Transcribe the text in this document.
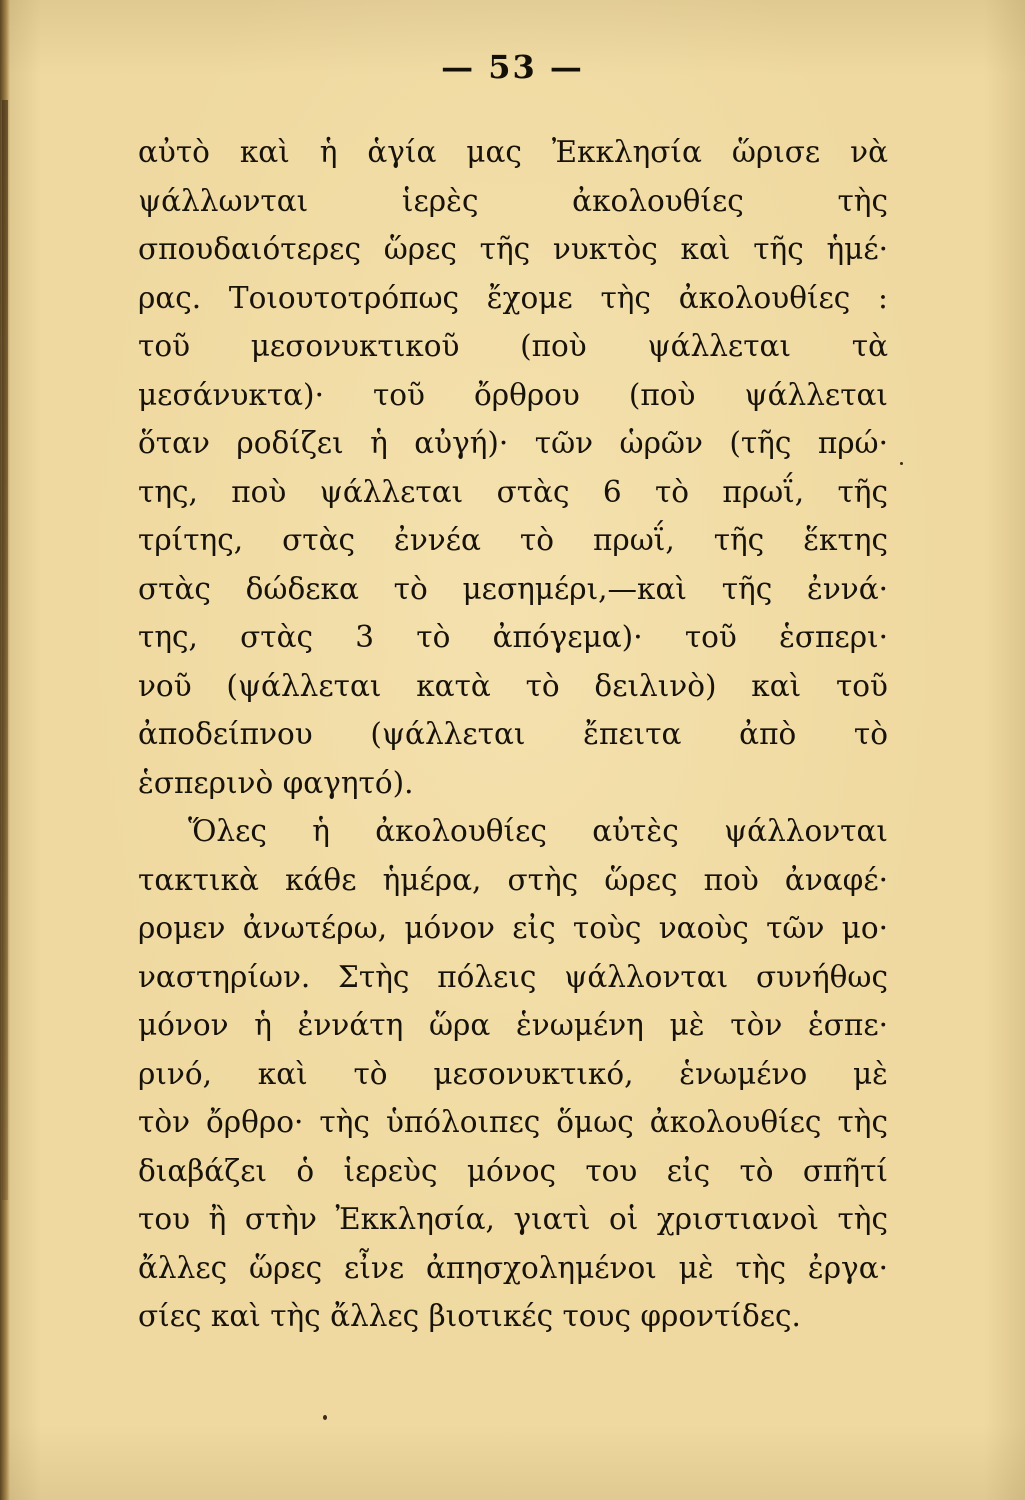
— 53 —
αὐτὸ καὶ ἡ ἁγία μας Ἐκκλησία ὥρισε νὰ
ψάλλωνται ἱερὲς ἀκολουθίες τὴς
σπουδαιότερες ὥρες τῆς νυκτὸς καὶ τῆς ἡμέ·
ρας. Τοιουτοτρόπως ἔχομε τὴς ἀκολουθίες :
τοῦ μεσονυκτικοῦ (ποὺ ψάλλεται τὰ
μεσάνυκτα)· τοῦ ὄρθρου (ποὺ ψάλλεται
ὅταν ροδίζει ἡ αὐγή)· τῶν ὡρῶν (τῆς πρώ·
της, ποὺ ψάλλεται στὰς 6 τὸ πρωΐ, τῆς
τρίτης, στὰς ἐννέα τὸ πρωΐ, τῆς ἕκτης
στὰς δώδεκα τὸ μεσημέρι,—καὶ τῆς ἐννά·
της, στὰς 3 τὸ ἀπόγεμα)· τοῦ ἑσπερι·
νοῦ (ψάλλεται κατὰ τὸ δειλινὸ) καὶ τοῦ
ἀποδείπνου (ψάλλεται ἔπειτα ἀπὸ τὸ
ἑσπερινὸ φαγητό).
Ὅλες ἡ ἀκολουθίες αὐτὲς ψάλλονται
τακτικὰ κάθε ἡμέρα, στὴς ὥρες ποὺ ἀναφέ·
ρομεν ἀνωτέρω, μόνον εἰς τοὺς ναοὺς τῶν μο·
ναστηρίων. Στὴς πόλεις ψάλλονται συνήθως
μόνον ἡ ἐννάτη ὥρα ἑνωμένη μὲ τὸν ἑσπε·
ρινό, καὶ τὸ μεσονυκτικό, ἑνωμένο μὲ
τὸν ὄρθρο· τὴς ὑπόλοιπες ὅμως ἀκολουθίες τὴς
διαβάζει ὁ ἱερεὺς μόνος του εἰς τὸ σπῆτί
του ἢ στὴν Ἐκκλησία, γιατὶ οἱ χριστιανοὶ τὴς
ἄλλες ὥρες εἶνε ἀπησχολημένοι μὲ τὴς ἐργα·
σίες καὶ τὴς ἄλλες βιοτικές τους φροντίδες.
